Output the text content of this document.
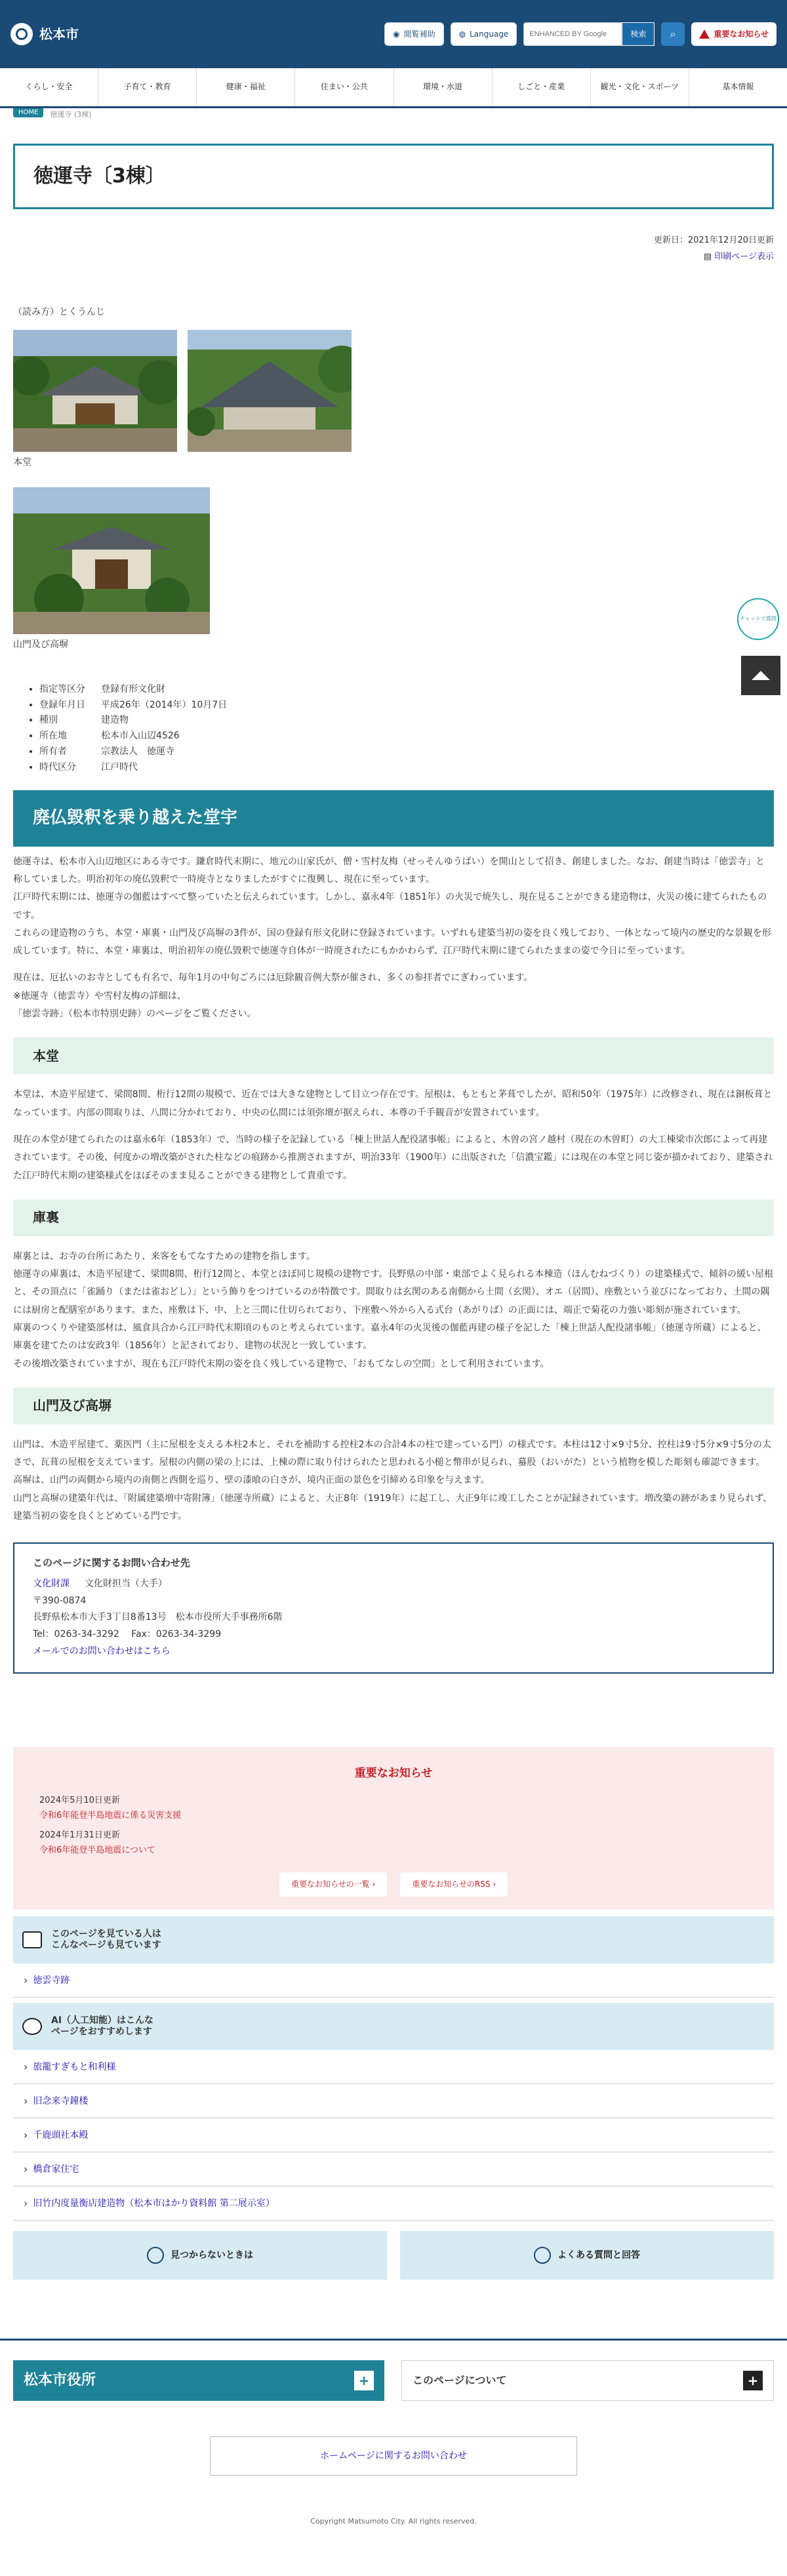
松本市	◉ 閲覧補助	◍ Language
ENHANCED BY Google	検索	⌕	重要なお知らせ
くらし・安全	子育て・教育	健康・福祉	住まい・公共	環境・水道	しごと・産業	観光・文化・スポーツ	基本情報
HOME	徳運寺 (3棟)
徳運寺〔3棟〕
更新日：2021年12月20日更新
▤ 印刷ページ表示

（読み方）とくうんじ

本堂

山門及び高塀

• 指定等区分 登録有形文化財
• 登録年月日 平成26年（2014年）10月7日
• 種別	建造物
• 所在地	松本市入山辺4526
• 所有者	宗教法人　徳運寺
• 時代区分	江戸時代
廃仏毀釈を乗り越えた堂宇

徳運寺は、松本市入山辺地区にある寺です。鎌倉時代末期に、地元の山家氏が、僧・雪村友梅（せっそんゆうばい）を開山として招き、創建しました。なお、創建当時は「徳雲寺」と称していました。明治初年の廃仏毀釈で一時廃寺となりましたがすぐに復興し、現在に至っています。

江戸時代末期には、徳運寺の伽藍はすべて整っていたと伝えられています。しかし、嘉永4年（1851年）の火災で焼失し、現在見ることができる建造物は、火災の後に建てられたものです。

これらの建造物のうち、本堂・庫裏・山門及び高塀の3件が、国の登録有形文化財に登録されています。いずれも建築当初の姿を良く残しており、一体となって境内の歴史的な景観を形成しています。特に、本堂・庫裏は、明治初年の廃仏毀釈で徳運寺自体が一時廃されたにもかかわらず、江戸時代末期に建てられたままの姿で今日に至っています。

現在は、厄払いのお寺としても有名で、毎年1月の中旬ごろには厄除観音例大祭が催され、多くの参拝者でにぎわっています。

※徳運寺（徳雲寺）や雪村友梅の詳細は、

「徳雲寺跡」（松本市特別史跡）のページをご覧ください。

本堂

本堂は、木造平屋建て、梁間8間、桁行12間の規模で、近在では大きな建物として目立つ存在です。屋根は、もともと茅葺でしたが、昭和50年（1975年）に改修され、現在は銅板葺となっています。内部の間取りは、八間に分かれており、中央の仏間には須弥壇が据えられ、本尊の千手観音が安置されています。

現在の本堂が建てられたのは嘉永6年（1853年）で、当時の様子を記録している「棟上世話人配役諸事帳」によると、木曽の宮ノ越村（現在の木曽町）の大工棟梁市次郎によって再建されています。その後、何度かの増改築がされた柱などの痕跡から推測されますが、明治33年（1900年）に出版された「信濃宝鑑」には現在の本堂と同じ姿が描かれており、建築された江戸時代末期の建築様式をほぼそのまま見ることができる建物として貴重です。

庫裏

庫裏とは、お寺の台所にあたり、来客をもてなすための建物を指します。

徳運寺の庫裏は、木造平屋建て、梁間8間、桁行12間と、本堂とほぼ同じ規模の建物です。長野県の中部・東部でよく見られる本棟造（ほんむねづくり）の建築様式で、傾斜の緩い屋根と、その頂点に「雀踊り（または雀おどし）」という飾りをつけているのが特徴です。間取りは玄関のある南側から土間（玄関）、オエ（居間）、座敷という並びになっており、土間の隅には厨房と配膳室があります。また、座敷は下、中、上と三間に仕切られており、下座敷へ外から入る式台（あがりば）の正面には、端正で菊花の力強い彫刻が施されています。

庫裏のつくりや建築部材は、風食具合から江戸時代末期頃のものと考えられています。嘉永4年の火災後の伽藍再建の様子を記した「棟上世話人配役諸事帳」（徳運寺所蔵）によると、庫裏を建てたのは安政3年（1856年）と記されており、建物の状況と一致しています。

その後増改築されていますが、現在も江戸時代末期の姿を良く残している建物で、「おもてなしの空間」として利用されています。

山門及び高塀

山門は、木造平屋建て、薬医門（主に屋根を支える本柱2本と、それを補助する控柱2本の合計4本の柱で建っている門）の様式です。本柱は12寸×9寸5分、控柱は9寸5分×9寸5分の太さで、瓦葺の屋根を支えています。屋根の内側の梁の上には、上棟の際に取り付けられたと思われる小槌と幣串が見られ、蟇股（おいがた）という植物を模した彫刻も確認できます。

高塀は、山門の両側から境内の南側と西側を巡り、壁の漆喰の白さが、境内正面の景色を引締める印象を与えます。

山門と高塀の建築年代は、「附属建築増中寄附簿」（徳運寺所蔵）によると、大正8年（1919年）に起工し、大正9年に竣工したことが記録されています。増改築の跡があまり見られず、建築当初の姿を良くとどめている門です。

このページに関するお問い合わせ先

文化財課 　 文化財担当（大手）

〒390-0874

長野県松本市大手3丁目8番13号　松本市役所大手事務所6階

Tel：0263-34-3292　 Fax：0263-34-3299

メールでのお問い合わせはこちら

重要なお知らせ
2024年5月10日更新
令和6年能登半島地震に係る災害支援
2024年1月31日更新
令和6年能登半島地震について
重要なお知らせの一覧 ›	重要なお知らせのRSS ›
このページを見ている人は
こんなページも見ています
› 徳雲寺跡
AI（人工知能）はこんな
ページをおすすめします
› 旅籠すぎもと和利様
› 旧念来寺鐘楼
› 千鹿頭社本殿
› 橋倉家住宅
› 旧竹内度量衡店建造物（松本市はかり資料館 第二展示室）
見つからないときは	よくある質問と回答
松本市役所	+	このページについて	+
ホームページに関するお問い合わせ

Copyright Matsumoto City. All rights reserved.

チャットで質問
